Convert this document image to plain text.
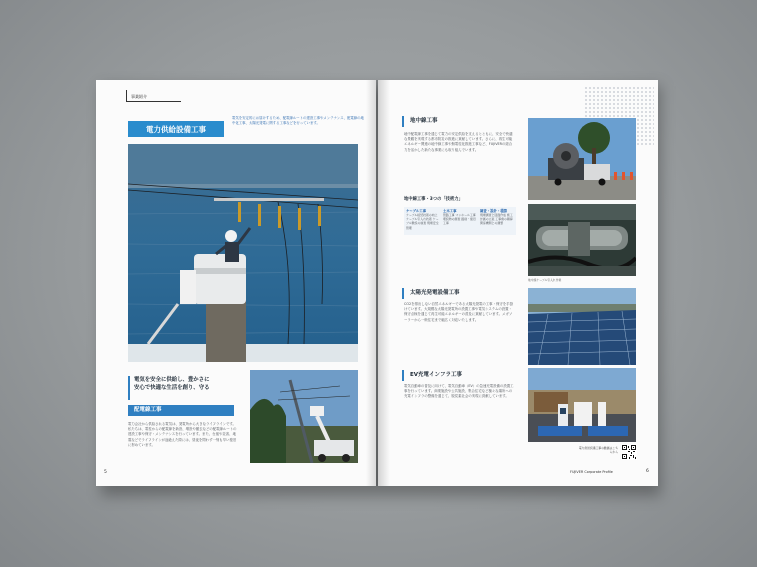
事業紹介
電力供給設備工事
電気を安定的にお届けするため、配電線ルートの建設工事やメンテナンス、配電線の地中化工事、太陽光発電に関する工事などを行っています。
電気を安全に供給し、豊かさに
安心で快適な生活を創り、守る
配電線工事
電力会社から供給される電気は、発電所から大きなライフラインです。私たちは、電柱からの配電線を新設、増設や撤去などの配電線ルートの建設工事や保守・メンテナンスを行っています。また、台風や災害、地震などでライフラインが途絶えた際には、昼夜を問わず一刻も早い復旧に努めています。
5
地中線工事
地中配電線工事を通じて電力の安定供給を支えるとともに、安全で快適な景観を実現する都市防災の推進に貢献しています。さらに、再生可能エネルギー関連の地中線工事や無電柱化推進工事など、FUJIVERの総合力を活かした新たな事業にも取り組んでいます。
地中線工事・3つの「技術力」
ケーブル工事
ケーブル接続技術の向上 ケーブル引入れ技術 ケーブル敷設の検査 現場安全管理
土木工事
管路工事 マンホール工事 埋設物の調査 掘削・復旧工事
調査・設計・積算
現場調査と図面作成 施工計画の立案 工事費の積算 関係機関との調整
地中線ケーブル引入れ作業
太陽光発電設備工事
CO2を排出しない自然エネルギーである太陽光発電の工事・保守を手掛けています。大規模な太陽光発電所の設置工事や電気システムの設置・保守点検を通じて再生可能エネルギーの普及に貢献しています。メガソーラーから一般住宅まで幅広く対応いたします。
EV充電インフラ工事
電気自動車の普及に向けて、電気自動車（EV）の急速充電設備の設置工事を行っています。商業施設や公共施設、集合住宅など様々な場所への充電インフラの整備を通じて、脱炭素社会の実現に貢献しています。
電力供給設備工事の動画はこちらから
FUJIVER Corporate Profile	6
